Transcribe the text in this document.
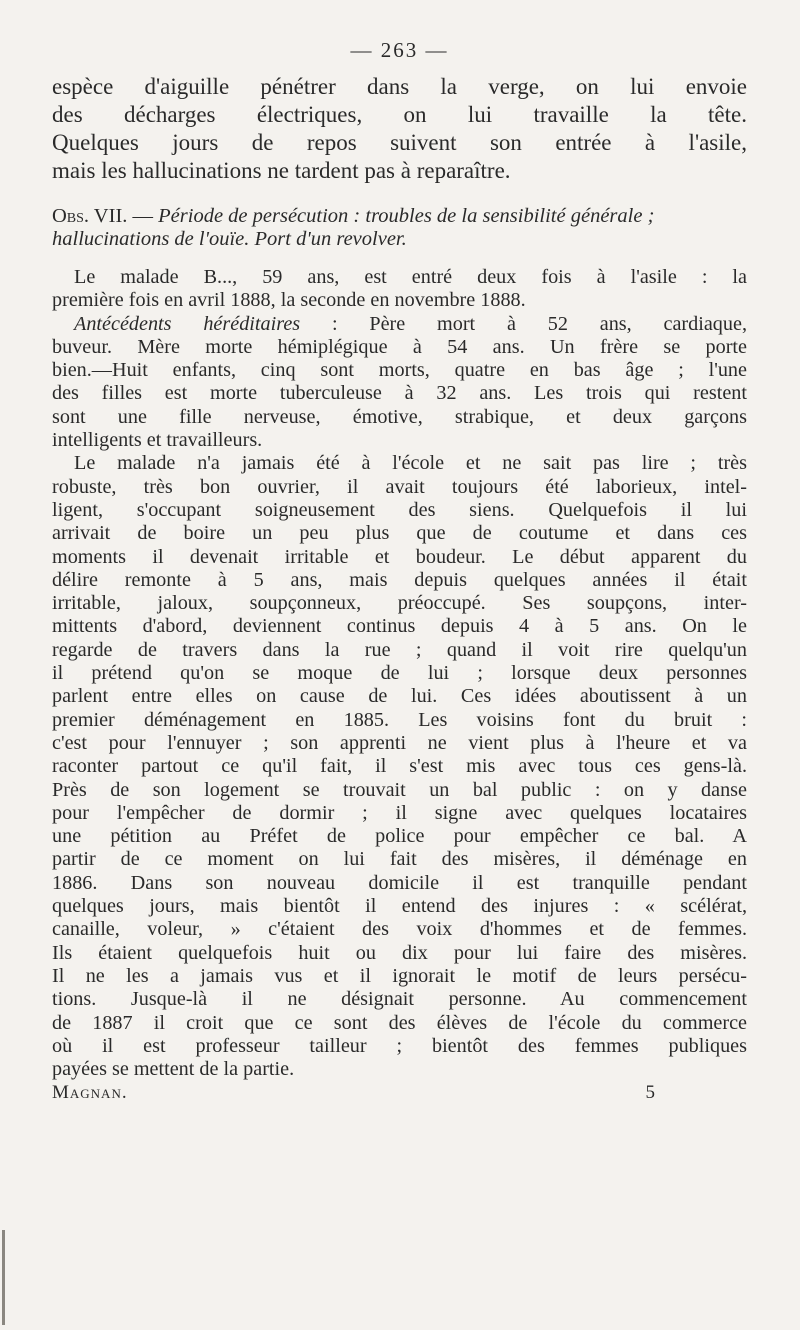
— 263 —

espèce d'aiguille pénétrer dans la verge, on lui envoie
des décharges électriques, on lui travaille la tête.
Quelques jours de repos suivent son entrée à l'asile,
mais les hallucinations ne tardent pas à reparaître.

Obs. VII. — Période de persécution : troubles de la sensibilité générale ; hallucinations de l'ouïe. Port d'un revolver.

Le malade B..., 59 ans, est entré deux fois à l'asile : la
première fois en avril 1888, la seconde en novembre 1888.
Antécédents héréditaires : Père mort à 52 ans, cardiaque,
buveur. Mère morte hémiplégique à 54 ans. Un frère se porte
bien.—Huit enfants, cinq sont morts, quatre en bas âge ; l'une
des filles est morte tuberculeuse à 32 ans. Les trois qui restent
sont une fille nerveuse, émotive, strabique, et deux garçons
intelligents et travailleurs.
Le malade n'a jamais été à l'école et ne sait pas lire ; très
robuste, très bon ouvrier, il avait toujours été laborieux, intel-
ligent, s'occupant soigneusement des siens. Quelquefois il lui
arrivait de boire un peu plus que de coutume et dans ces
moments il devenait irritable et boudeur. Le début apparent du
délire remonte à 5 ans, mais depuis quelques années il était
irritable, jaloux, soupçonneux, préoccupé. Ses soupçons, inter-
mittents d'abord, deviennent continus depuis 4 à 5 ans. On le
regarde de travers dans la rue ; quand il voit rire quelqu'un
il prétend qu'on se moque de lui ; lorsque deux personnes
parlent entre elles on cause de lui. Ces idées aboutissent à un
premier déménagement en 1885. Les voisins font du bruit :
c'est pour l'ennuyer ; son apprenti ne vient plus à l'heure et va
raconter partout ce qu'il fait, il s'est mis avec tous ces gens-là.
Près de son logement se trouvait un bal public : on y danse
pour l'empêcher de dormir ; il signe avec quelques locataires
une pétition au Préfet de police pour empêcher ce bal. A
partir de ce moment on lui fait des misères, il déménage en
1886. Dans son nouveau domicile il est tranquille pendant
quelques jours, mais bientôt il entend des injures : « scélérat,
canaille, voleur, » c'étaient des voix d'hommes et de femmes.
Ils étaient quelquefois huit ou dix pour lui faire des misères.
Il ne les a jamais vus et il ignorait le motif de leurs persécu-
tions. Jusque-là il ne désignait personne. Au commencement
de 1887 il croit que ce sont des élèves de l'école du commerce
où il est professeur tailleur ; bientôt des femmes publiques
payées se mettent de la partie.
Magnan.	5
